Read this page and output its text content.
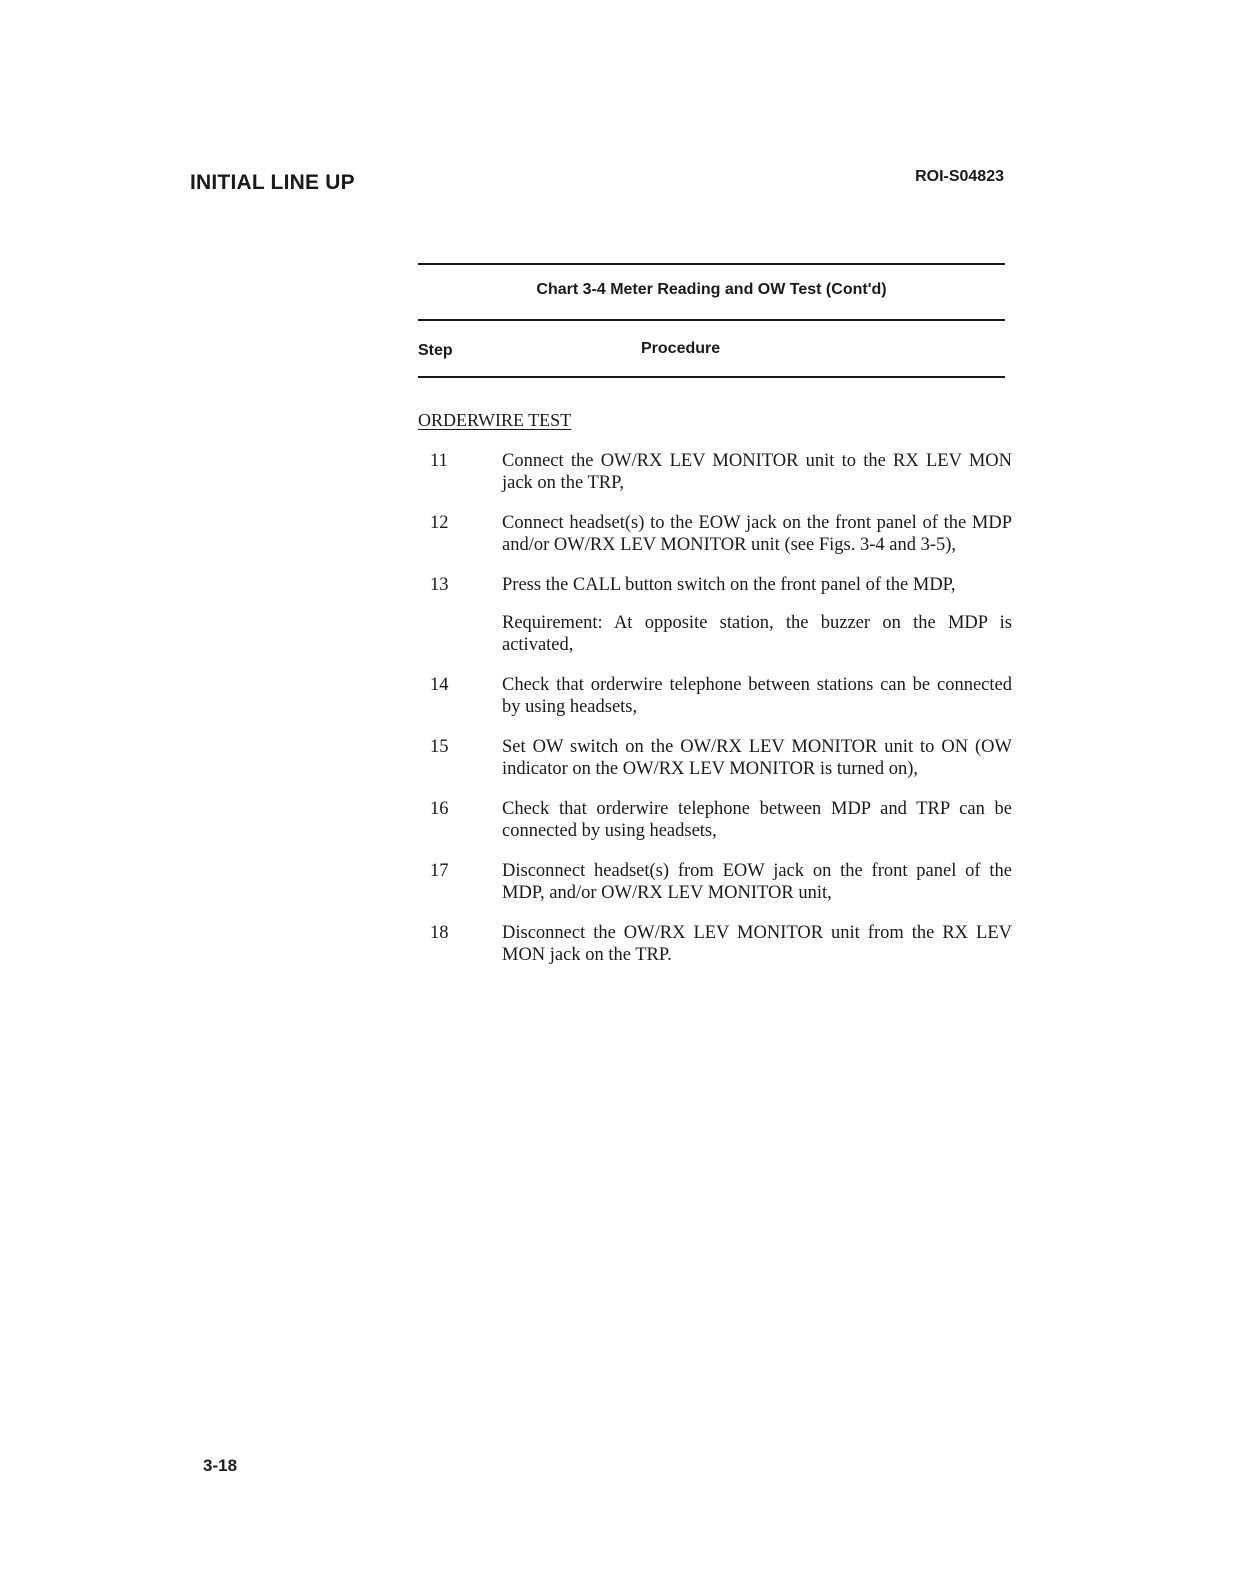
INITIAL LINE UP	ROI-S04823
Chart 3-4 Meter Reading and OW Test (Cont'd)
Step	Procedure
ORDERWIRE TEST
11	Connect the OW/RX LEV MONITOR unit to the RX LEV MON jack on the TRP,
12	Connect headset(s) to the EOW jack on the front panel of the MDP and/or OW/RX LEV MONITOR unit (see Figs. 3-4 and 3-5),
13	Press the CALL button switch on the front panel of the MDP,
Requirement: At opposite station, the buzzer on the MDP is activated,
14	Check that orderwire telephone between stations can be connected by using headsets,
15	Set OW switch on the OW/RX LEV MONITOR unit to ON (OW indicator on the OW/RX LEV MONITOR is turned on),
16	Check that orderwire telephone between MDP and TRP can be connected by using headsets,
17	Disconnect headset(s) from EOW jack on the front panel of the MDP, and/or OW/RX LEV MONITOR unit,
18	Disconnect the OW/RX LEV MONITOR unit from the RX LEV MON jack on the TRP.
3-18
